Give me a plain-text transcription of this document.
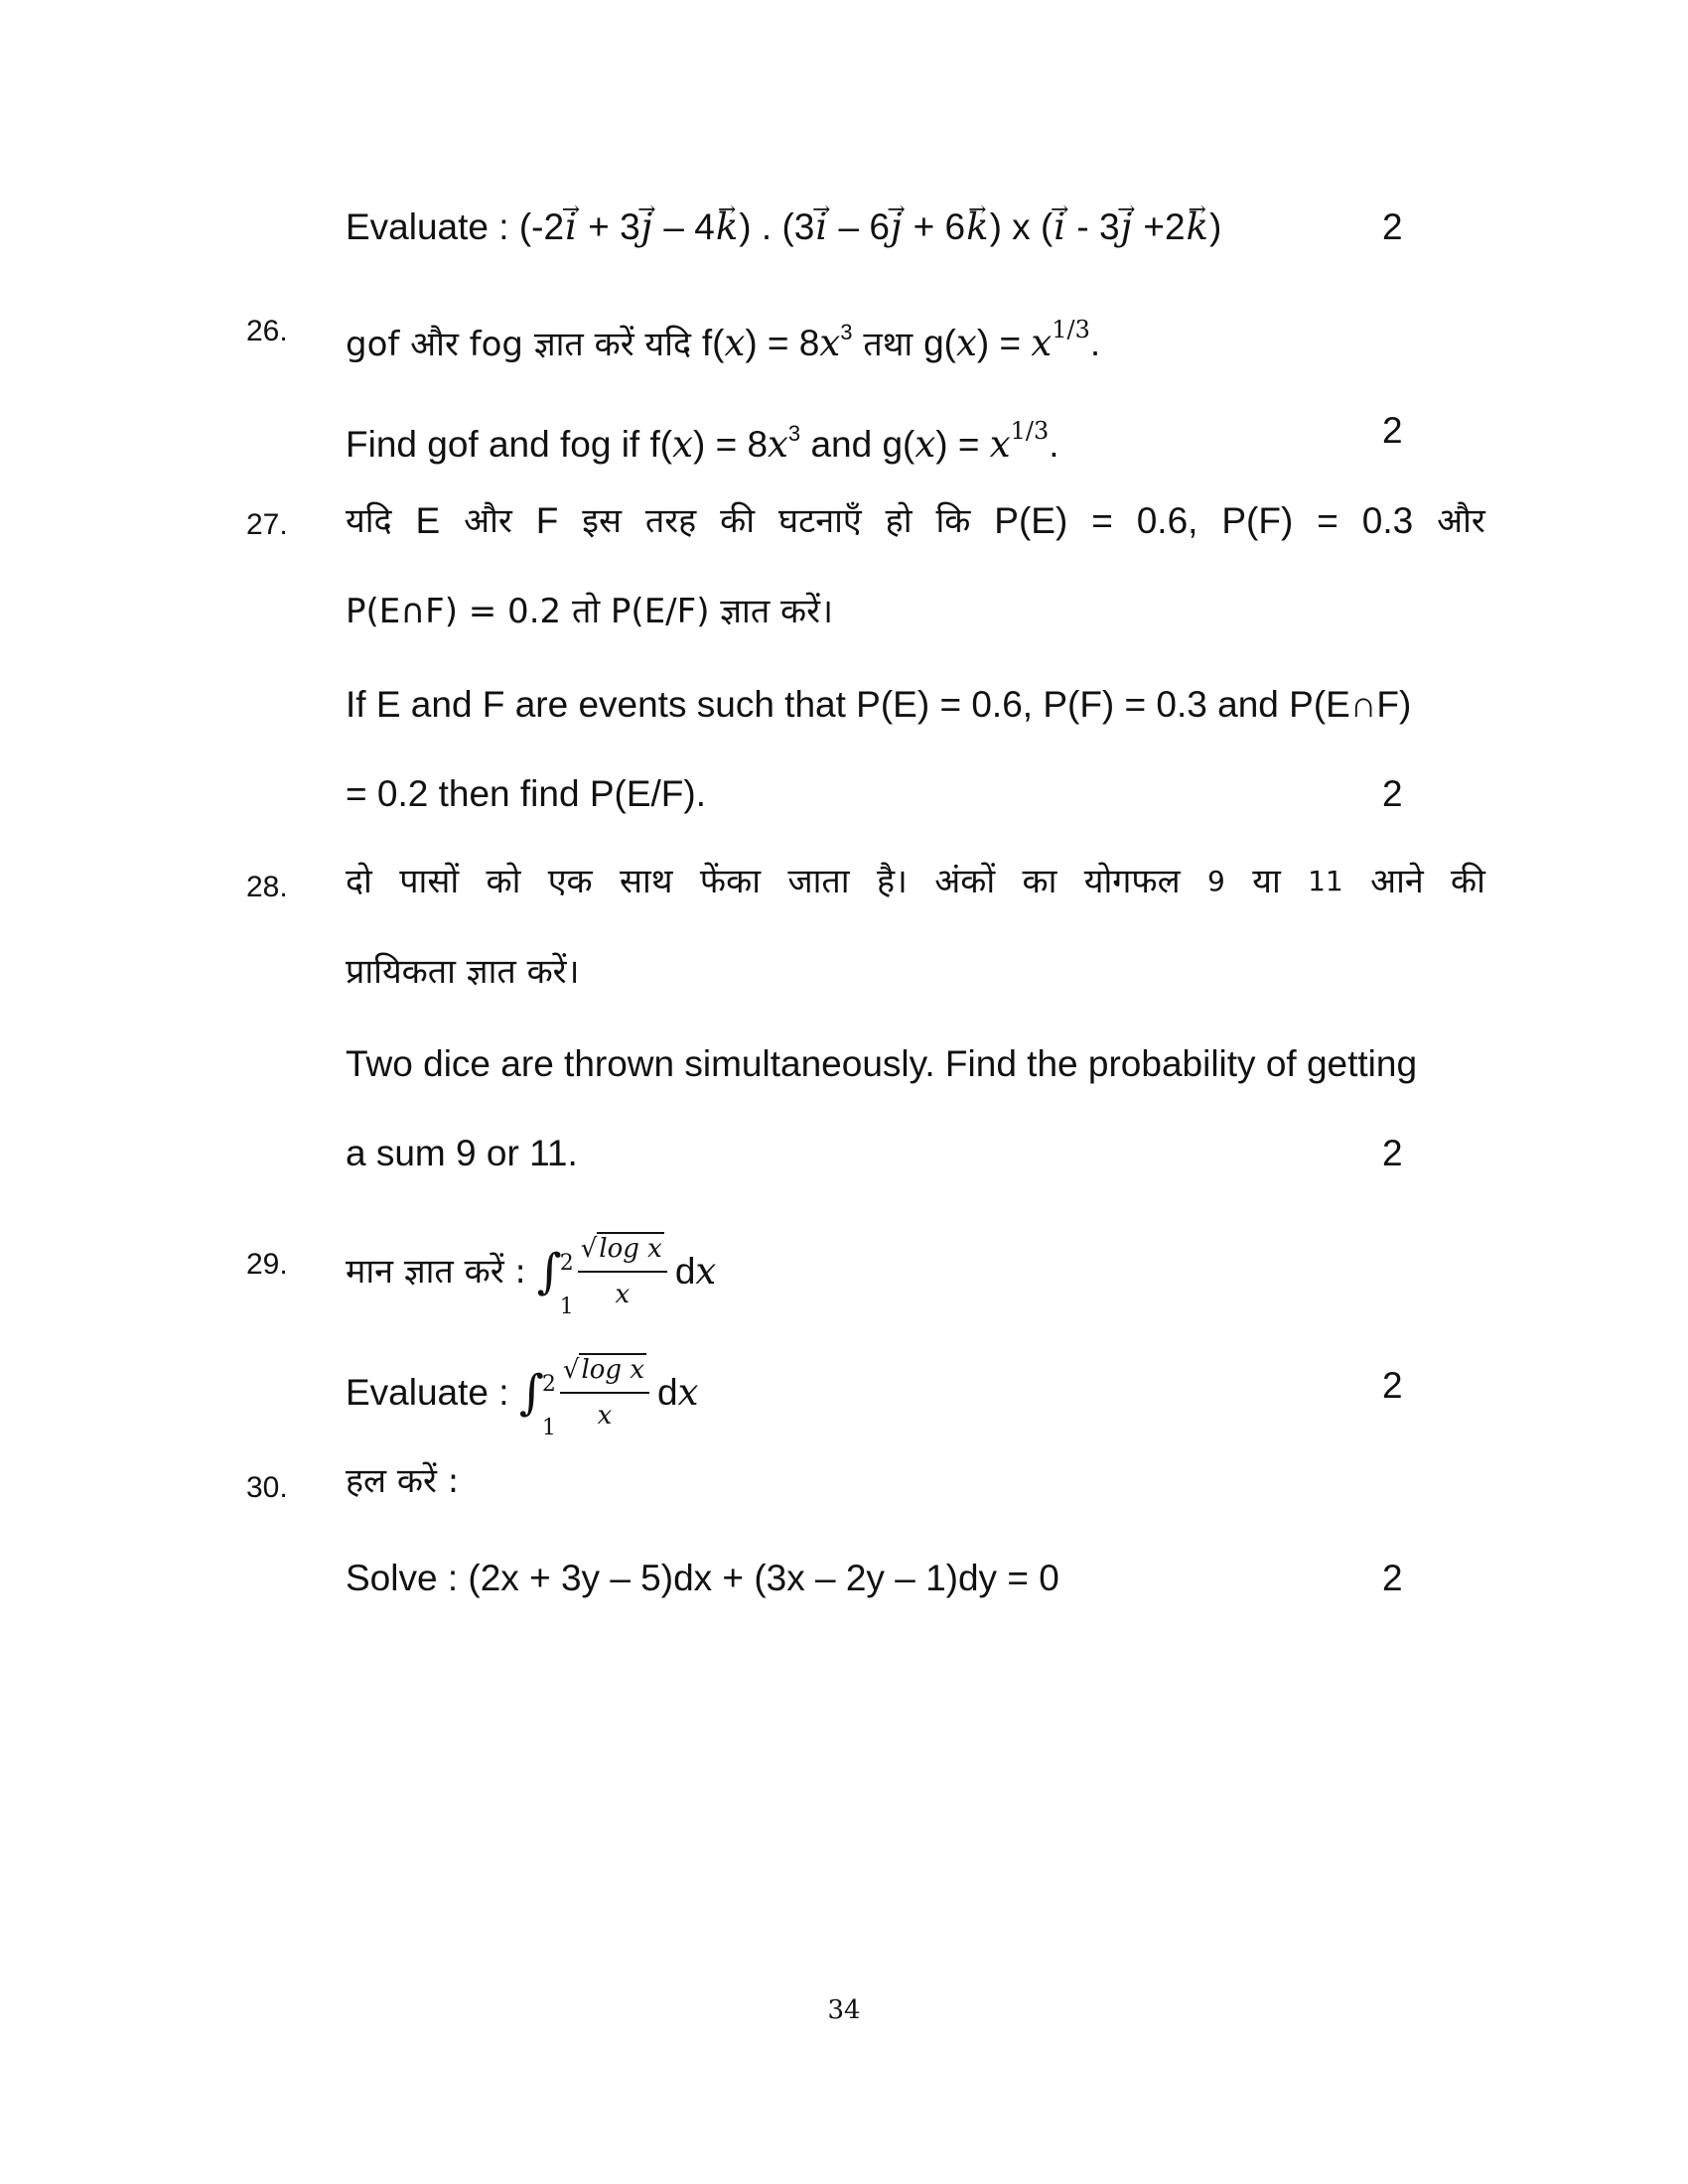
Evaluate : (-2→ i + 3→ j – 4→ k) . (3→ i – 6→ j + 6→ k) x (→ i - 3→ j +2→ k)	2
26. gof और fog ज्ञात करें यदि $f(x) = 8x^3$ तथा $g(x) = x^{1/3}$.
Find gof and fog if $f(x) = 8x^3$ and $g(x) = x^{1/3}$.	2
27. यदि E और F इस तरह की घटनाएँ हो कि P(E) = 0.6, P(F) = 0.3 और
P(E∩F) = 0.2 तो P(E/F) ज्ञात करें।
If E and F are events such that P(E) = 0.6, P(F) = 0.3 and P(E∩F)
= 0.2 then find P(E/F).	2
28. दो पासों को एक साथ फेंका जाता है। अंकों का योगफल 9 या 11 आने की
प्रायिकता ज्ञात करें।
Two dice are thrown simultaneously. Find the probability of getting
a sum 9 or 11.	2
29. मान ज्ञात करें : ∫
2
$1 \frac{\text{√log x}}{x}$ dx
Evaluate : ∫
2
$1 \frac{\text{√log x}}{x}$ dx	2
30. हल करें :
Solve : (2x + 3y – 5)dx + (3x – 2y – 1)dy = 0	2
34
